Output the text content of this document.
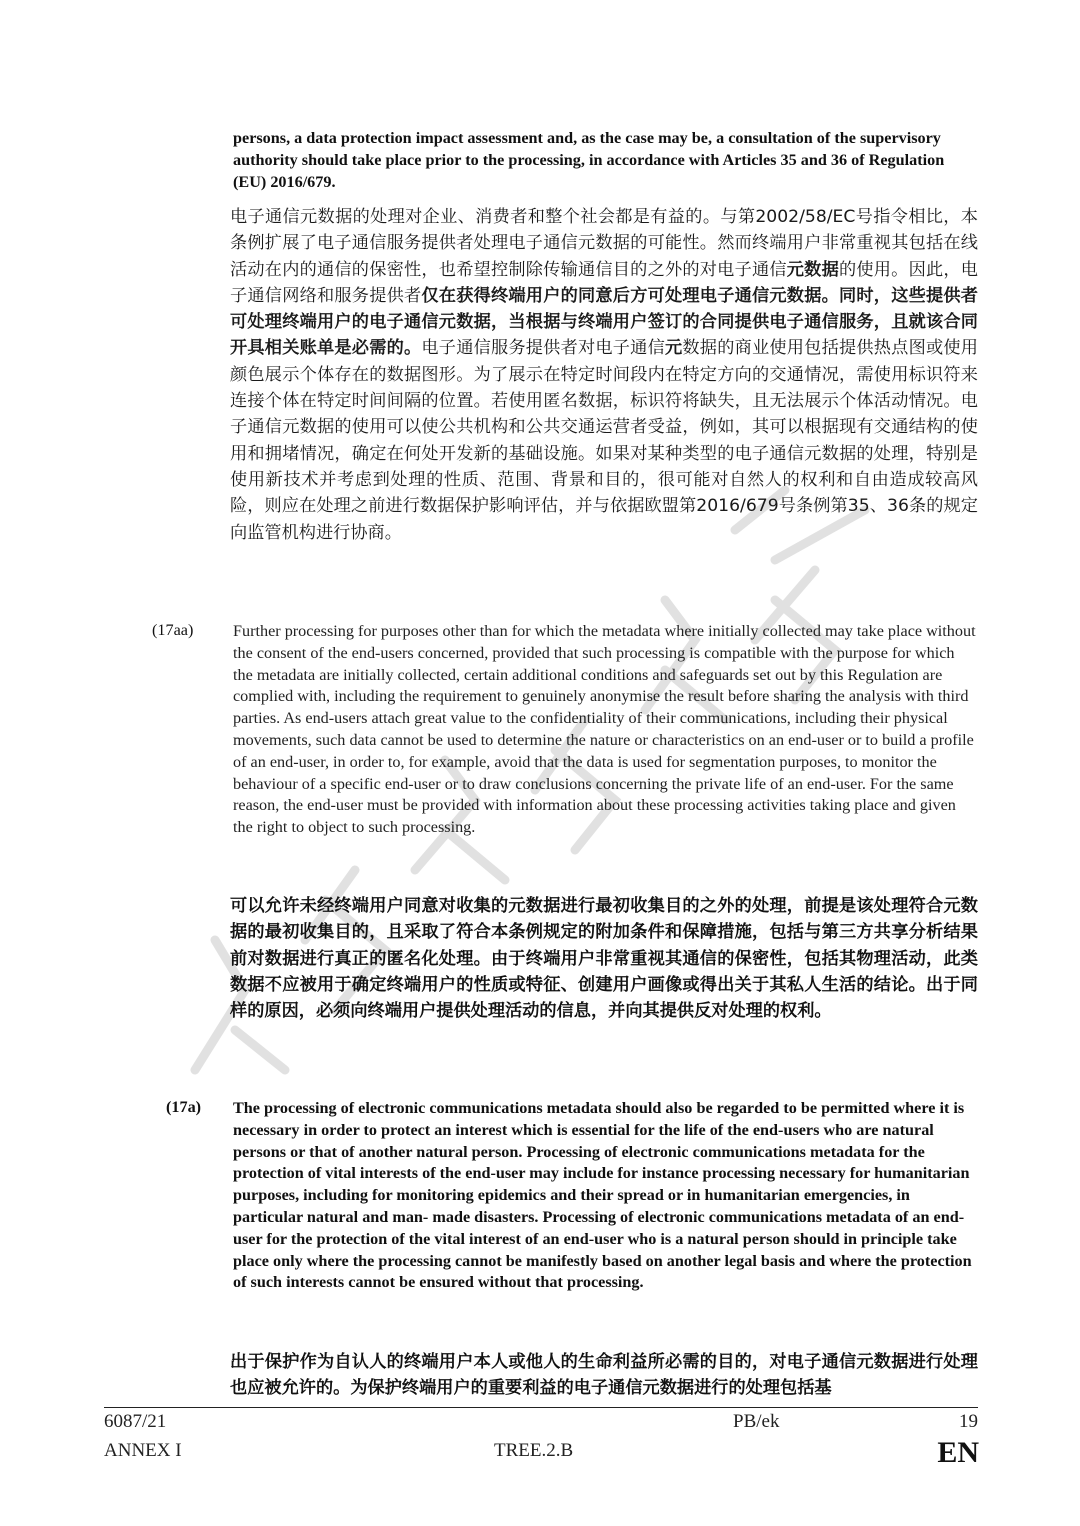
persons, a data protection impact assessment and, as the case may be, a consultation of the supervisory authority should take place prior to the processing, in accordance with Articles 35 and 36 of Regulation (EU) 2016/679.

电子通信元数据的处理对企业、消费者和整个社会都是有益的。与第2002/58/EC号指令相比，本条例扩展了电子通信服务提供者处理电子通信元数据的可能性。然而终端用户非常重视其包括在线活动在内的通信的保密性，也希望控制除传输通信目的之外的对电子通信元数据的使用。因此，电子通信网络和服务提供者仅在获得终端用户的同意后方可处理电子通信元数据。同时，这些提供者可处理终端用户的电子通信元数据，当根据与终端用户签订的合同提供电子通信服务，且就该合同开具相关账单是必需的。电子通信服务提供者对电子通信元数据的商业使用包括提供热点图或使用颜色展示个体存在的数据图形。为了展示在特定时间段内在特定方向的交通情况，需使用标识符来连接个体在特定时间间隔的位置。若使用匿名数据，标识符将缺失，且无法展示个体活动情况。电子通信元数据的使用可以使公共机构和公共交通运营者受益，例如，其可以根据现有交通结构的使用和拥堵情况，确定在何处开发新的基础设施。如果对某种类型的电子通信元数据的处理，特别是使用新技术并考虑到处理的性质、范围、背景和目的，很可能对自然人的权利和自由造成较高风险，则应在处理之前进行数据保护影响评估，并与依据欧盟第2016/679号条例第35、36条的规定向监管机构进行协商。

(17aa) Further processing for purposes other than for which the metadata where initially collected may take place without the consent of the end-users concerned, provided that such processing is compatible with the purpose for which the metadata are initially collected, certain additional conditions and safeguards set out by this Regulation are complied with, including the requirement to genuinely anonymise the result before sharing the analysis with third parties. As end-users attach great value to the confidentiality of their communications, including their physical movements, such data cannot be used to determine the nature or characteristics on an end-user or to build a profile of an end-user, in order to, for example, avoid that the data is used for segmentation purposes, to monitor the behaviour of a specific end-user or to draw conclusions concerning the private life of an end-user. For the same reason, the end-user must be provided with information about these processing activities taking place and given the right to object to such processing.

可以允许未经终端用户同意对收集的元数据进行最初收集目的之外的处理，前提是该处理符合元数据的最初收集目的，且采取了符合本条例规定的附加条件和保障措施，包括与第三方共享分析结果前对数据进行真正的匿名化处理。由于终端用户非常重视其通信的保密性，包括其物理活动，此类数据不应被用于确定终端用户的性质或特征、创建用户画像或得出关于其私人生活的结论。出于同样的原因，必须向终端用户提供处理活动的信息，并向其提供反对处理的权利。

(17a) The processing of electronic communications metadata should also be regarded to be permitted where it is necessary in order to protect an interest which is essential for the life of the end-users who are natural persons or that of another natural person. Processing of electronic communications metadata for the protection of vital interests of the end-user may include for instance processing necessary for humanitarian purposes, including for monitoring epidemics and their spread or in humanitarian emergencies, in particular natural and man- made disasters. Processing of electronic communications metadata of an end- user for the protection of the vital interest of an end-user who is a natural person should in principle take place only where the processing cannot be manifestly based on another legal basis and where the protection of such interests cannot be ensured without that processing.

出于保护作为自认人的终端用户本人或他人的生命利益所必需的目的，对电子通信元数据进行处理也应被允许的。为保护终端用户的重要利益的电子通信元数据进行的处理包括基

6087/21
ANNEX I
PB/ek
TREE.2.B
19
EN
